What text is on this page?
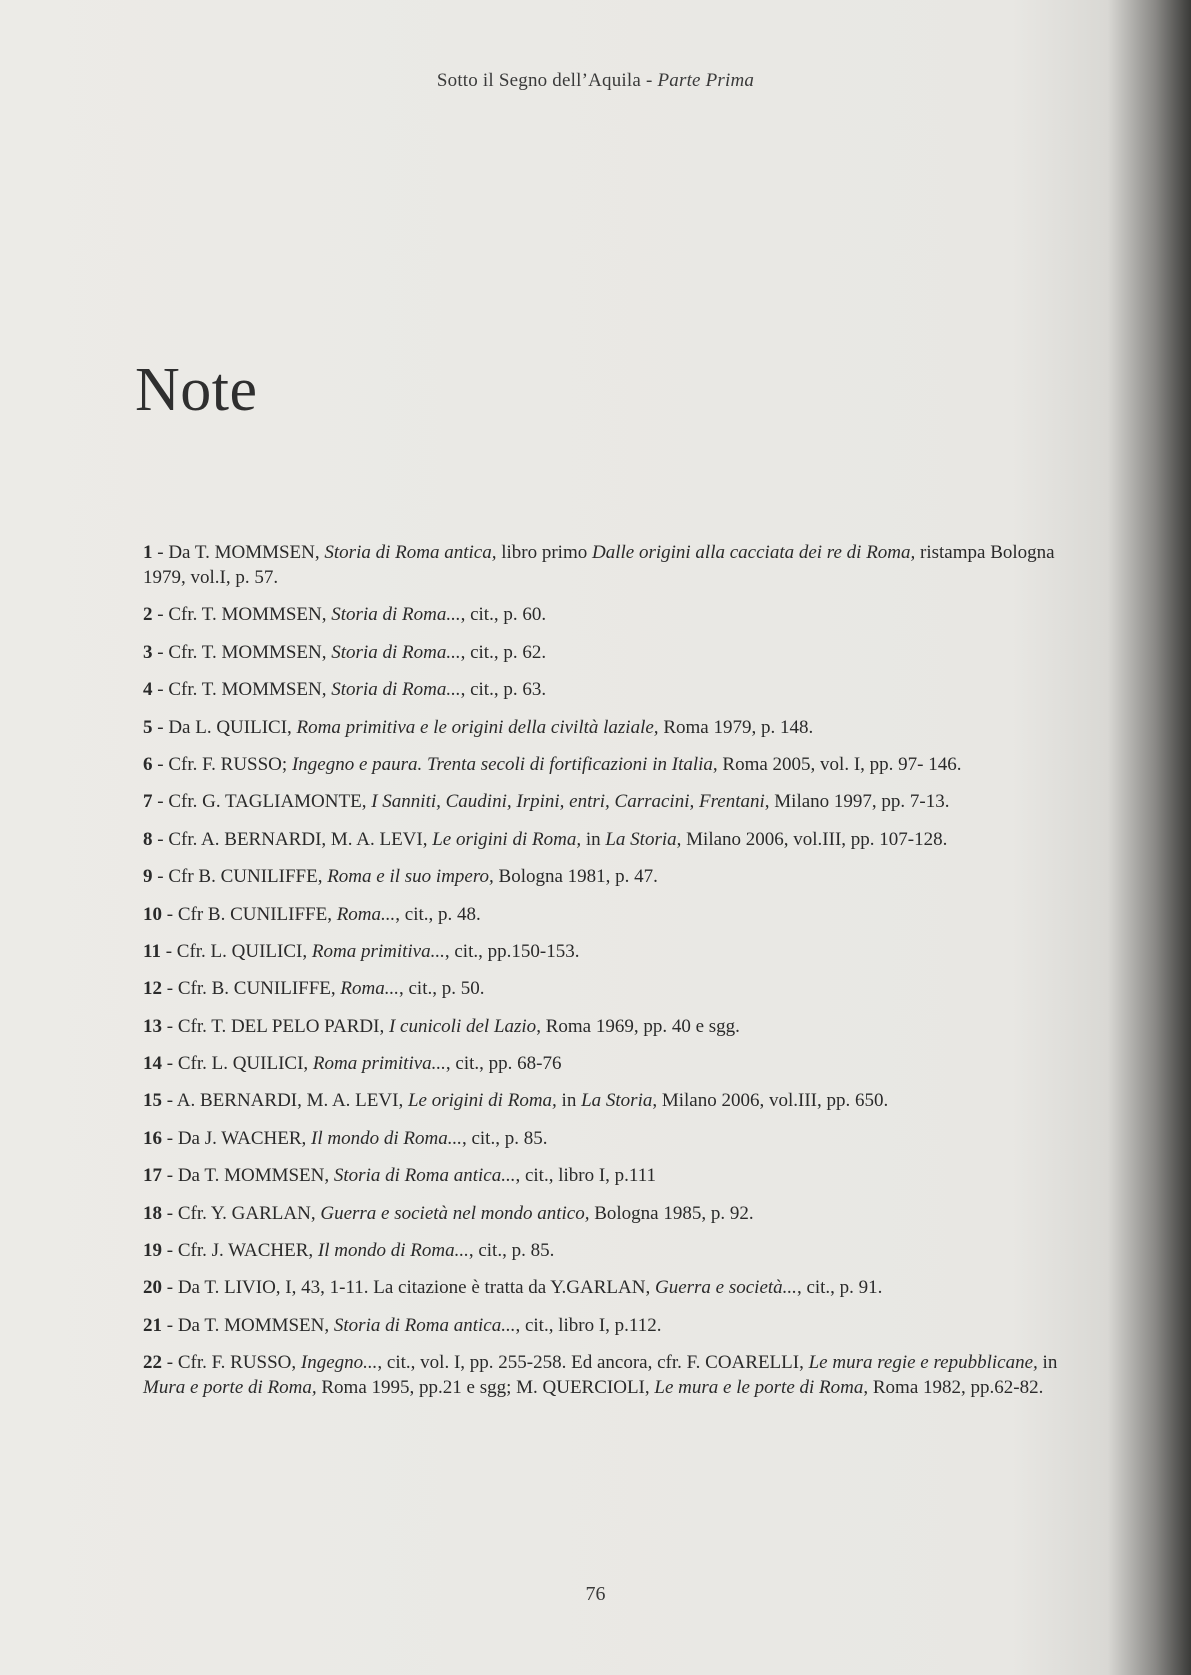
Sotto il Segno dell’Aquila - Parte Prima
Note
1 - Da T. MOMMSEN, Storia di Roma antica, libro primo Dalle origini alla cacciata dei re di Roma, ristampa Bologna 1979, vol.I, p. 57.
2 - Cfr. T. MOMMSEN, Storia di Roma..., cit., p. 60.
3 - Cfr. T. MOMMSEN, Storia di Roma..., cit., p. 62.
4 - Cfr. T. MOMMSEN, Storia di Roma..., cit., p. 63.
5 - Da L. QUILICI, Roma primitiva e le origini della civiltà laziale, Roma 1979, p. 148.
6 - Cfr. F. RUSSO; Ingegno e paura. Trenta secoli di fortificazioni in Italia, Roma 2005, vol. I, pp. 97- 146.
7 - Cfr. G. TAGLIAMONTE, I Sanniti, Caudini, Irpini, entri, Carracini, Frentani, Milano 1997, pp. 7-13.
8 - Cfr. A. BERNARDI, M. A. LEVI, Le origini di Roma, in La Storia, Milano 2006, vol.III, pp. 107-128.
9 - Cfr B. CUNILIFFE, Roma e il suo impero, Bologna 1981, p. 47.
10 - Cfr B. CUNILIFFE, Roma..., cit., p. 48.
11 - Cfr. L. QUILICI, Roma primitiva..., cit., pp.150-153.
12 - Cfr. B. CUNILIFFE, Roma..., cit., p. 50.
13 - Cfr. T. DEL PELO PARDI, I cunicoli del Lazio, Roma 1969, pp. 40 e sgg.
14 - Cfr. L. QUILICI, Roma primitiva..., cit., pp. 68-76
15 - A. BERNARDI, M. A. LEVI, Le origini di Roma, in La Storia, Milano 2006, vol.III, pp. 650.
16 - Da J. WACHER, Il mondo di Roma..., cit., p. 85.
17 - Da T. MOMMSEN, Storia di Roma antica..., cit., libro I, p.111
18 - Cfr. Y. GARLAN, Guerra e società nel mondo antico, Bologna 1985, p. 92.
19 - Cfr. J. WACHER, Il mondo di Roma..., cit., p. 85.
20 - Da T. LIVIO, I, 43, 1-11. La citazione è tratta da Y.GARLAN, Guerra e società..., cit., p. 91.
21 - Da T. MOMMSEN, Storia di Roma antica..., cit., libro I, p.112.
22 - Cfr. F. RUSSO, Ingegno..., cit., vol. I, pp. 255-258. Ed ancora, cfr. F. COARELLI, Le mura regie e repubblicane, in Mura e porte di Roma, Roma 1995, pp.21 e sgg; M. QUERCIOLI, Le mura e le porte di Roma, Roma 1982, pp.62-82.
76
